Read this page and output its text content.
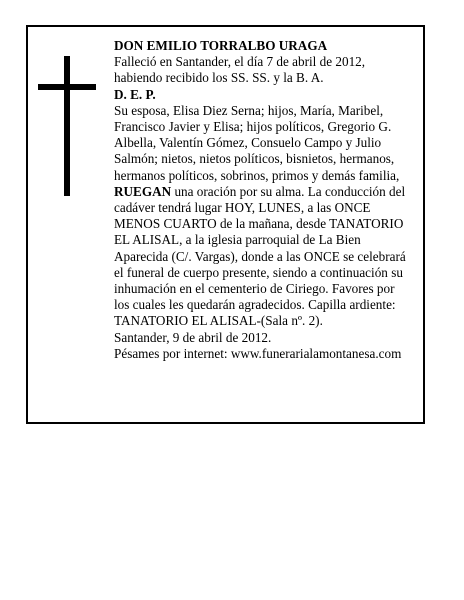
DON EMILIO TORRALBO URAGA
Falleció en Santander, el día 7 de abril de 2012,
habiendo recibido los SS. SS. y la B. A.
D. E. P.
Su esposa, Elisa Diez Serna; hijos, María, Maribel,
Francisco Javier y Elisa; hijos políticos, Gregorio G.
Albella, Valentín Gómez, Consuelo Campo y Julio
Salmón; nietos, nietos políticos, bisnietos, hermanos,
hermanos políticos, sobrinos, primos y demás familia,
RUEGAN una oración por su alma. La conducción del
cadáver tendrá lugar HOY, LUNES, a las ONCE
MENOS CUARTO de la mañana, desde TANATORIO
EL ALISAL, a la iglesia parroquial de La Bien
Aparecida (C/. Vargas), donde a las ONCE se celebrará
el funeral de cuerpo presente, siendo a continuación su
inhumación en el cementerio de Ciriego. Favores por
los cuales les quedarán agradecidos. Capilla ardiente:
TANATORIO EL ALISAL-(Sala nº. 2).
Santander, 9 de abril de 2012.
Pésames por internet: www.funerarialamontanesa.com
